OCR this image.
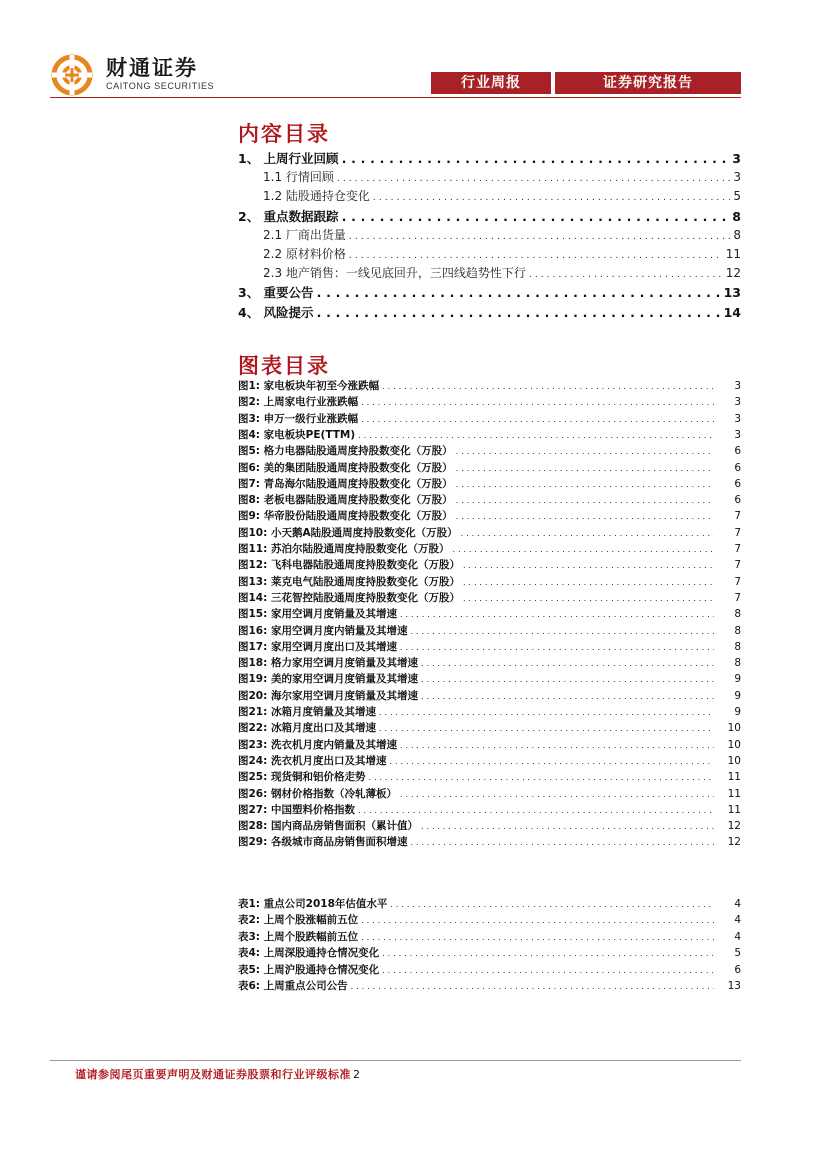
财通证券
CAITONG SECURITIES	行业周报	证券研究报告
内容目录
1、 上周行业回顾 . . .	3
1.1 行情回顾 . . .	3
1.2 陆股通持仓变化 . . .	5
2、 重点数据跟踪 . . .	8
2.1 厂商出货量 . . .	8
2.2 原材料价格 . . .	11
2.3 地产销售：一线见底回升，三四线趋势性下行 . . .	12
3、 重要公告 . . .	13
4、 风险提示 . . .	14
图表目录
图1: 家电板块年初至今涨跌幅 . . .	3
图2: 上周家电行业涨跌幅 . . .	3
图3: 申万一级行业涨跌幅 . . .	3
图4: 家电板块PE(TTM) . . .	3
图5: 格力电器陆股通周度持股数变化（万股） . . .	6
图6: 美的集团陆股通周度持股数变化（万股） . . .	6
图7: 青岛海尔陆股通周度持股数变化（万股） . . .	6
图8: 老板电器陆股通周度持股数变化（万股） . . .	6
图9: 华帝股份陆股通周度持股数变化（万股） . . .	7
图10: 小天鹅A陆股通周度持股数变化（万股） . . .	7
图11: 苏泊尔陆股通周度持股数变化（万股） . . .	7
图12: 飞科电器陆股通周度持股数变化（万股） . . .	7
图13: 莱克电气陆股通周度持股数变化（万股） . . .	7
图14: 三花智控陆股通周度持股数变化（万股） . . .	7
图15: 家用空调月度销量及其增速 . . .	8
图16: 家用空调月度内销量及其增速 . . .	8
图17: 家用空调月度出口及其增速 . . .	8
图18: 格力家用空调月度销量及其增速 . . .	8
图19: 美的家用空调月度销量及其增速 . . .	9
图20: 海尔家用空调月度销量及其增速 . . .	9
图21: 冰箱月度销量及其增速 . . .	9
图22: 冰箱月度出口及其增速 . . .	10
图23: 洗衣机月度内销量及其增速 . . .	10
图24: 洗衣机月度出口及其增速 . . .	10
图25: 现货铜和铝价格走势 . . .	11
图26: 钢材价格指数（冷轧薄板） . . .	11
图27: 中国塑料价格指数 . . .	11
图28: 国内商品房销售面积（累计值） . . .	12
图29: 各级城市商品房销售面积增速 . . .	12
表1: 重点公司2018年估值水平 . . .	4
表2: 上周个股涨幅前五位 . . .	4
表3: 上周个股跌幅前五位 . . .	4
表4: 上周深股通持仓情况变化 . . .	5
表5: 上周沪股通持仓情况变化 . . .	6
表6: 上周重点公司公告 . . .	13
谨请参阅尾页重要声明及财通证券股票和行业评级标准 2
